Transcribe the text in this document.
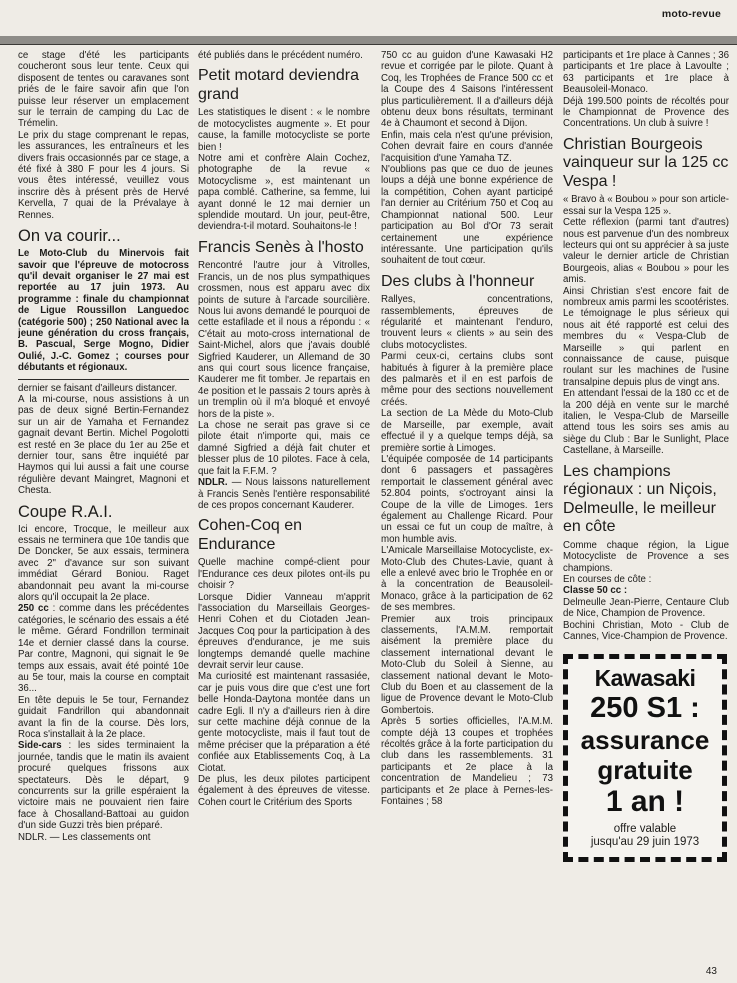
moto-revue

ce stage d'été les participants coucheront sous leur tente. Ceux qui disposent de tentes ou caravanes sont priés de le faire savoir afin que l'on puisse leur réserver un emplacement sur le terrain de camping du Lac de Trémelin.

Le prix du stage comprenant le repas, les assurances, les entraîneurs et les divers frais occasionnés par ce stage, a été fixé à 380 F pour les 4 jours. Si vous êtes intéressé, veuillez vous inscrire dès à présent près de Hervé Kervella, 7 quai de la Prévalaye à Rennes.

On va courir...

Le Moto-Club du Minervois fait savoir que l'épreuve de motocross qu'il devait organiser le 27 mai est reportée au 17 juin 1973. Au programme : finale du championnat de Ligue Roussillon Languedoc (catégorie 500) ; 250 National avec la jeune génération du cross français, B. Pascual, Serge Mogno, Didier Oulié, J.-C. Gomez ; courses pour débutants et régionaux.

dernier se faisant d'ailleurs distancer.

A la mi-course, nous assistions à un pas de deux signé Bertin-Fernandez sur un air de Yamaha et Fernandez gagnait devant Bertin. Michel Pogolotti est resté en 3e place du 1er au 25e et dernier tour, sans être inquiété par Haymos qui lui aussi a fait une course régulière devant Maingret, Magnoni et Chesta.

Coupe R.A.I.

Ici encore, Trocque, le meilleur aux essais ne terminera que 10e tandis que De Doncker, 5e aux essais, terminera avec 2" d'avance sur son suivant immédiat Gérard Boniou. Raget abandonnait peu avant la mi-course alors qu'il occupait la 2e place.

250 cc : comme dans les précédentes catégories, le scénario des essais a été le même. Gérard Fondrillon terminait 14e et dernier classé dans la course. Par contre, Magnoni, qui signait le 9e temps aux essais, avait été pointé 10e au 5e tour, mais la course en comptait 36...

En tête depuis le 5e tour, Fernandez guidait Fandrillon qui abandonnait avant la fin de la course. Dès lors, Roca s'installait à la 2e place.

Side-cars : les sides terminaient la journée, tandis que le matin ils avaient procuré quelques frissons aux spectateurs. Dès le départ, 9 concurrents sur la grille espéraient la victoire mais ne pouvaient rien faire face à Chosalland-Battoai au guidon d'un side Guzzi très bien préparé.

NDLR. — Les classements ont

été publiés dans le précédent numéro.

Petit motard deviendra grand

Les statistiques le disent : « le nombre de motocyclistes augmente ». Et pour cause, la famille motocycliste se porte bien !

Notre ami et confrère Alain Cochez, photographe de la revue « Motocyclisme », est maintenant un papa comblé. Catherine, sa femme, lui ayant donné le 12 mai dernier un splendide moutard. Un jour, peut-être, deviendra-t-il motard. Souhaitons-le !

Francis Senès à l'hosto

Rencontré l'autre jour à Vitrolles, Francis, un de nos plus sympathiques crossmen, nous est apparu avec dix points de suture à l'arcade sourcilière. Nous lui avons demandé le pourquoi de cette estafilade et il nous a répondu : « C'était au moto-cross international de Saint-Michel, alors que j'avais doublé Sigfried Kauderer, un Allemand de 30 ans qui court sous licence française, Kauderer me fit tomber. Je repartais en 4e position et le passais 2 tours après à un tremplin où il m'a bloqué et envoyé hors de la piste ».

La chose ne serait pas grave si ce pilote était n'importe qui, mais ce damné Sigfried a déjà fait chuter et blesser plus de 10 pilotes. Face à cela, que fait la F.F.M. ?

NDLR. — Nous laissons naturellement à Francis Senès l'entière responsabilité de ces propos concernant Kauderer.

Cohen-Coq en Endurance

Quelle machine compé-client pour l'Endurance ces deux pilotes ont-ils pu choisir ?

Lorsque Didier Vanneau m'apprit l'association du Marseillais Georges-Henri Cohen et du Ciotaden Jean-Jacques Coq pour la participation à des épreuves d'endurance, je me suis longtemps demandé quelle machine devrait servir leur cause.

Ma curiosité est maintenant rassasiée, car je puis vous dire que c'est une fort belle Honda-Daytona montée dans un cadre Egli. Il n'y a d'ailleurs rien à dire sur cette machine déjà connue de la gente motocycliste, mais il faut tout de même préciser que la préparation a été confiée aux Etablissements Coq, à La Ciotat.

De plus, les deux pilotes participent également à des épreuves de vitesse. Cohen court le Critérium des Sports

750 cc au guidon d'une Kawasaki H2 revue et corrigée par le pilote. Quant à Coq, les Trophées de France 500 cc et la Coupe des 4 Saisons l'intéressent plus particulièrement. Il a d'ailleurs déjà obtenu deux bons résultats, terminant 4e à Chaumont et second à Dijon.

Enfin, mais cela n'est qu'une prévision, Cohen devrait faire en cours d'année l'acquisition d'une Yamaha TZ.

N'oublions pas que ce duo de jeunes loups a déjà une bonne expérience de la compétition, Cohen ayant participé l'an dernier au Critérium 750 et Coq au Championnat national 500. Leur participation au Bol d'Or 73 serait certainement une expérience intéressante. Une participation qu'ils souhaitent de tout cœur.

Des clubs à l'honneur

Rallyes, concentrations, rassemblements, épreuves de régularité et maintenant l'enduro, trouvent leurs « clients » au sein des clubs motocyclistes.

Parmi ceux-ci, certains clubs sont habitués à figurer à la première place des palmarès et il en est parfois de même pour des sections nouvellement créés.

La section de La Mède du Moto-Club de Marseille, par exemple, avait effectué il y a quelque temps déjà, sa première sortie à Limoges.

L'équipée composée de 14 participants dont 6 passagers et passagères remportait le classement général avec 52.804 points, s'octroyant ainsi la Coupe de la ville de Limoges. 1ers également au Challenge Ricard. Pour un essai ce fut un coup de maître, à mon humble avis.

L'Amicale Marseillaise Motocycliste, ex-Moto-Club des Chutes-Lavie, quant à elle a enlevé avec brio le Trophée en or à la concentration de Beausoleil-Monaco, grâce à la participation de 62 de ses membres.

Premier aux trois principaux classements, l'A.M.M. remportait aisément la première place du classement international devant le Moto-Club du Soleil à Sienne, au classement national devant le Moto-Club du Boen et au classement de la ligue de Provence devant le Moto-Club Gombertois.

Après 5 sorties officielles, l'A.M.M. compte déjà 13 coupes et trophées récoltés grâce à la forte participation du club dans les rassemblements. 31 participants et 2e place à la concentration de Mandelieu ; 73 participants et 2e place à Pernes-les-Fontaines ; 58

participants et 1re place à Cannes ; 36 participants et 1re place à Lavoulte ; 63 participants et 1re place à Beausoleil-Monaco.

Déjà 199.500 points de récoltés pour le Championnat de Provence des Concentrations. Un club à suivre !

Christian Bourgeois vainqueur sur la 125 cc Vespa !

« Bravo à « Boubou » pour son article-essai sur la Vespa 125 ».

Cette réflexion (parmi tant d'autres) nous est parvenue d'un des nombreux lecteurs qui ont su apprécier à sa juste valeur le dernier article de Christian Bourgeois, alias « Boubou » pour les amis.

Ainsi Christian s'est encore fait de nombreux amis parmi les scootéristes. Le témoignage le plus sérieux qui nous ait été rapporté est celui des membres du « Vespa-Club de Marseille » qui parlent en connaissance de cause, puisque roulant sur les machines de l'usine transalpine depuis plus de vingt ans.

En attendant l'essai de la 180 cc et de la 200 déjà en vente sur le marché italien, le Vespa-Club de Marseille attend tous les soirs ses amis au siège du Club : Bar le Sunlight, Place Castellane, à Marseille.

Les champions régionaux : un Niçois, Delmeulle, le meilleur en côte

Comme chaque région, la Ligue Motocycliste de Provence a ses champions.

En courses de côte :

Classe 50 cc :

Delmeulle Jean-Pierre, Centaure Club de Nice, Champion de Provence.

Bochini Christian, Moto - Club de Cannes, Vice-Champion de Provence.

Kawasaki
250 S1 :
assurance
gratuite
1 an !
offre valable
jusqu'au 29 juin 1973
43
